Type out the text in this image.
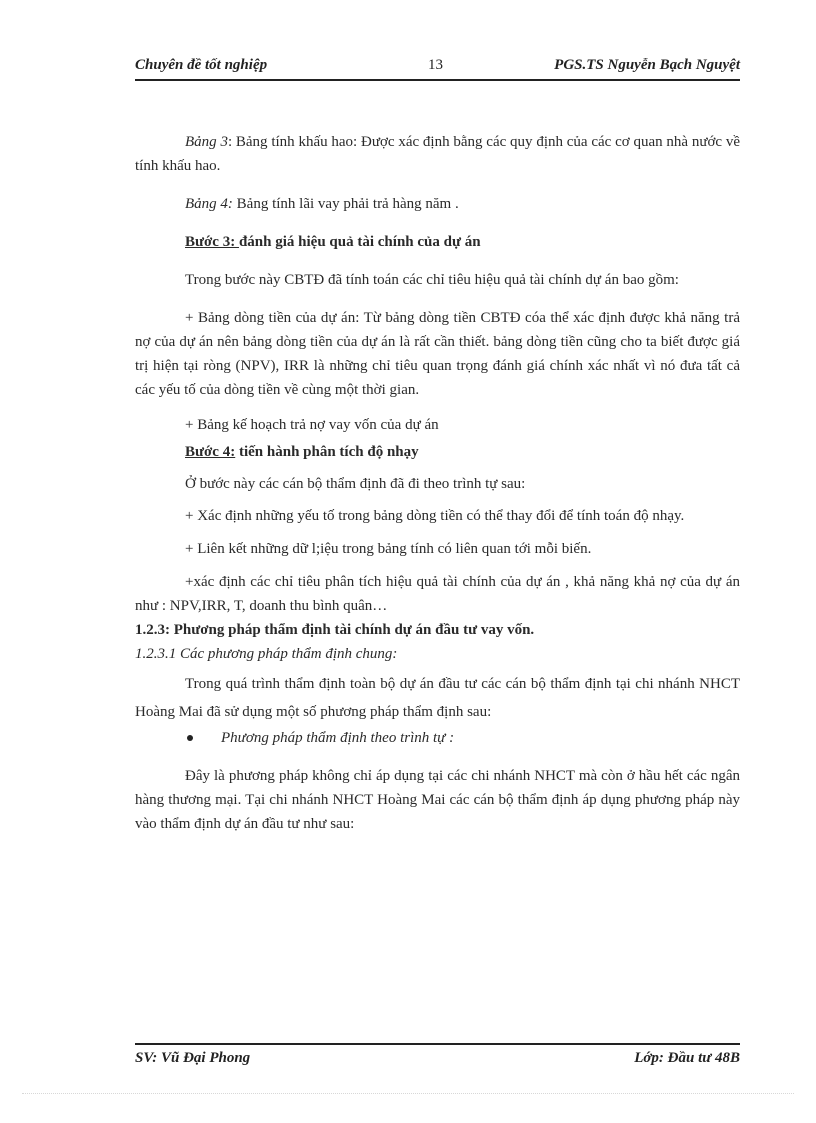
Chuyên đề tốt nghiệp	13	PGS.TS Nguyễn Bạch Nguyệt

Bảng 3: Bảng tính khấu hao: Được xác định bằng các quy định của các cơ quan nhà nước về tính khấu hao.

Bảng 4: Bảng tính lãi vay phải trả hàng năm .

Bước 3: đánh giá hiệu quả tài chính của dự án

Trong bước này CBTĐ đã tính toán các chỉ tiêu hiệu quả tài chính dự án bao gồm:

+ Bảng dòng tiền của dự án: Từ bảng dòng tiền CBTĐ cóa thể xác định được khả năng trả nợ của dự án nên bảng dòng tiền của dự án là rất cần thiết. bảng dòng tiền cũng cho ta biết được giá trị hiện tại ròng (NPV), IRR là những chỉ tiêu quan trọng đánh giá chính xác nhất vì nó đưa tất cả các yếu tố của dòng tiền về cùng một thời gian.

+ Bảng kế hoạch trả nợ vay vốn của dự án

Bước 4: tiến hành phân tích độ nhạy

Ở bước này các cán bộ thẩm định đã đi theo trình tự sau:

+ Xác định những yếu tố trong bảng dòng tiền có thể thay đổi để tính toán độ nhạy.

+ Liên kết những dữ l;iệu trong bảng tính có liên quan tới mỗi biến.

+xác định các chỉ tiêu phân tích hiệu quả tài chính của dự án , khả năng khả nợ của dự án như : NPV,IRR, T, doanh thu bình quân…

1.2.3: Phương pháp thẩm định tài chính dự án đầu tư vay vốn.

1.2.3.1 Các phương pháp thẩm định chung:

Trong quá trình thẩm định toàn bộ dự án đầu tư các cán bộ thẩm định tại chi nhánh NHCT Hoàng Mai đã sử dụng một số phương pháp thẩm định sau:

Phương pháp thẩm định theo trình tự :

Đây là phương pháp không chỉ áp dụng tại các chi nhánh NHCT mà còn ở hầu hết các ngân hàng thương mại. Tại chi nhánh NHCT Hoàng Mai các cán bộ thẩm định áp dụng phương pháp này vào thẩm định dự án đầu tư như sau:

SV: Vũ Đại Phong	Lớp: Đầu tư 48B
